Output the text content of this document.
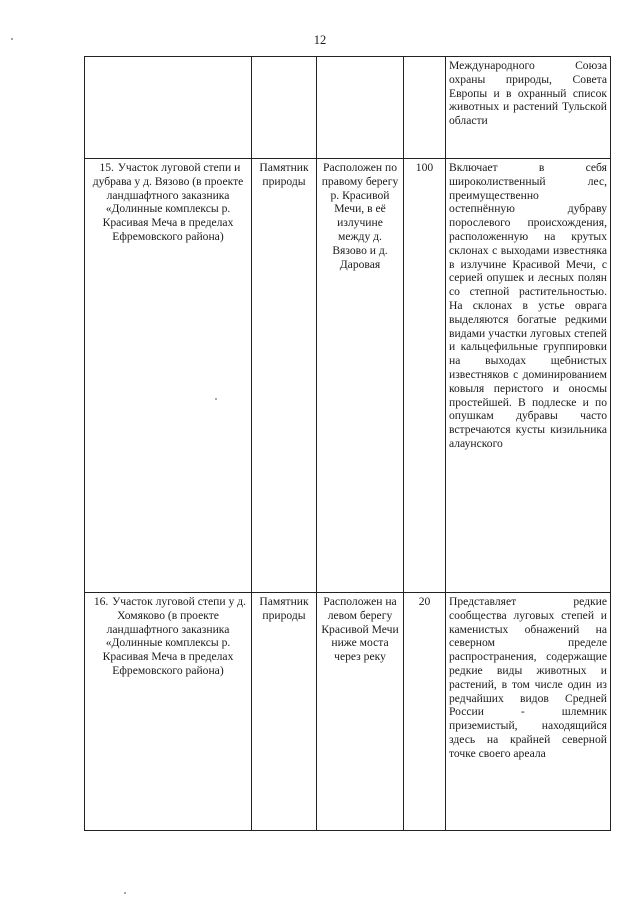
12

				Международного Союза охраны природы, Совета Европы и в охранный список животных и растений Тульской области

15. Участок луговой степи и дубрава у д. Вязово (в проекте ландшафтного заказника «Долинные комплексы р. Красивая Меча в пределах Ефремовского района)	Памятник природы	Расположен по правому берегу р. Красивой Мечи, в её излучине между д. Вязово и д. Даровая	100	Включает в себя широколиственный лес, преимущественно остепнённую дубраву порослевого происхождения, расположенную на крутых склонах с выходами известняка в излучине Красивой Мечи, с серией опушек и лесных полян со степной растительностью. На склонах в устье оврага выделяются богатые редкими видами участки луговых степей и кальцефильные группировки на выходах щебнистых известняков с доминированием ковыля перистого и оносмы простейшей. В подлеске и по опушкам дубравы часто встречаются кусты кизильника алаунского

16. Участок луговой степи у д. Хомяково (в проекте ландшафтного заказника «Долинные комплексы р. Красивая Меча в пределах Ефремовского района)	Памятник природы	Расположен на левом берегу Красивой Мечи ниже моста через реку	20	Представляет редкие сообщества луговых степей и каменистых обнажений на северном пределе распространения, содержащие редкие виды животных и растений, в том числе один из редчайших видов Средней России - шлемник приземистый, находящийся здесь на крайней северной точке своего ареала
